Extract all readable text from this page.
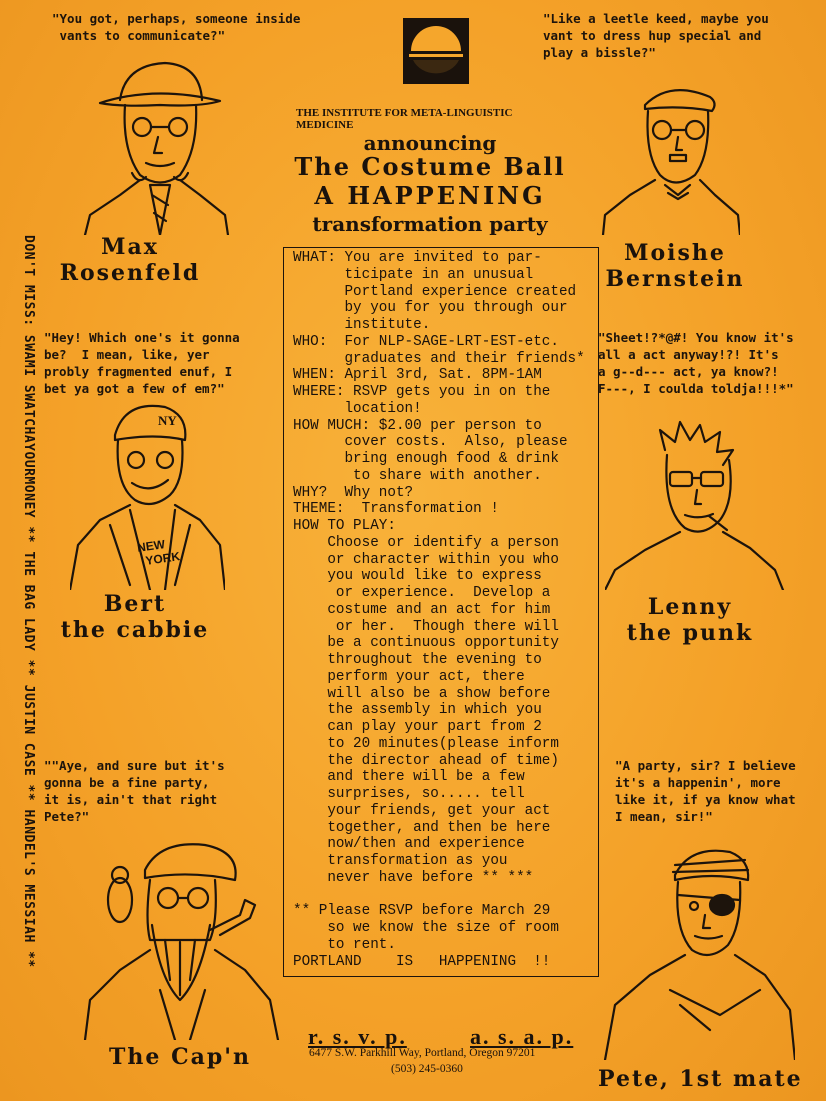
DON'T MISS: SWAMI SWATCHAYOURMONEY ** THE BAG LADY ** JUSTIN CASE ** HANDEL'S MESSIAH **
THE INSTITUTE FOR META-LINGUISTIC MEDICINE
announcing
The Costume Ball
A HAPPENING
transformation party
WHAT: You are invited to par-
ticipate in an unusual
Portland experience created
by you for you through our
institute.
WHO:  For NLP-SAGE-LRT-EST-etc.
graduates and their friends*
WHEN: April 3rd, Sat. 8PM-1AM
WHERE: RSVP gets you in on the
location!
HOW MUCH: $2.00 per person to
cover costs.  Also, please
bring enough food & drink
to share with another.
WHY?  Why not?
THEME:  Transformation !
HOW TO PLAY:
Choose or identify a person
or character within you who
you would like to express
or experience.  Develop a
costume and an act for him
or her.  Though there will
be a continuous opportunity
throughout the evening to
perform your act, there
will also be a show before
the assembly in which you
can play your part from 2
to 20 minutes(please inform
the director ahead of time)
and there will be a few
surprises, so..... tell
your friends, get your act
together, and then be here
now/then and experience
transformation as you
never have before ** ***

** Please RSVP before March 29
so we know the size of room
to rent.
PORTLAND    IS   HAPPENING  !!
"You got, perhaps, someone inside
vants to communicate?"
"Like a leetle keed, maybe you
vant to dress hup special and
play a bissle?"
"Hey! Which one's it gonna
be?  I mean, like, yer
probly fragmented enuf, I
bet ya got a few of em?"
"Sheet!?*@#! You know it's
all a act anyway!?! It's
a g--d--- act, ya know?!
F---, I coulda toldja!!!*"
""Aye, and sure but it's
gonna be a fine party,
it is, ain't that right
Pete?"
"A party, sir? I believe
it's a happenin', more
like it, if ya know what
I mean, sir!"
Max
Rosenfeld
Moishe
Bernstein
Bert
the cabbie
Lenny
the punk
The Cap'n
Pete, 1st mate
NY
NEW
YORK
r. s. v. p.	a. s. a. p.
6477 S.W. Parkhill Way, Portland, Oregon 97201
(503) 245-0360
